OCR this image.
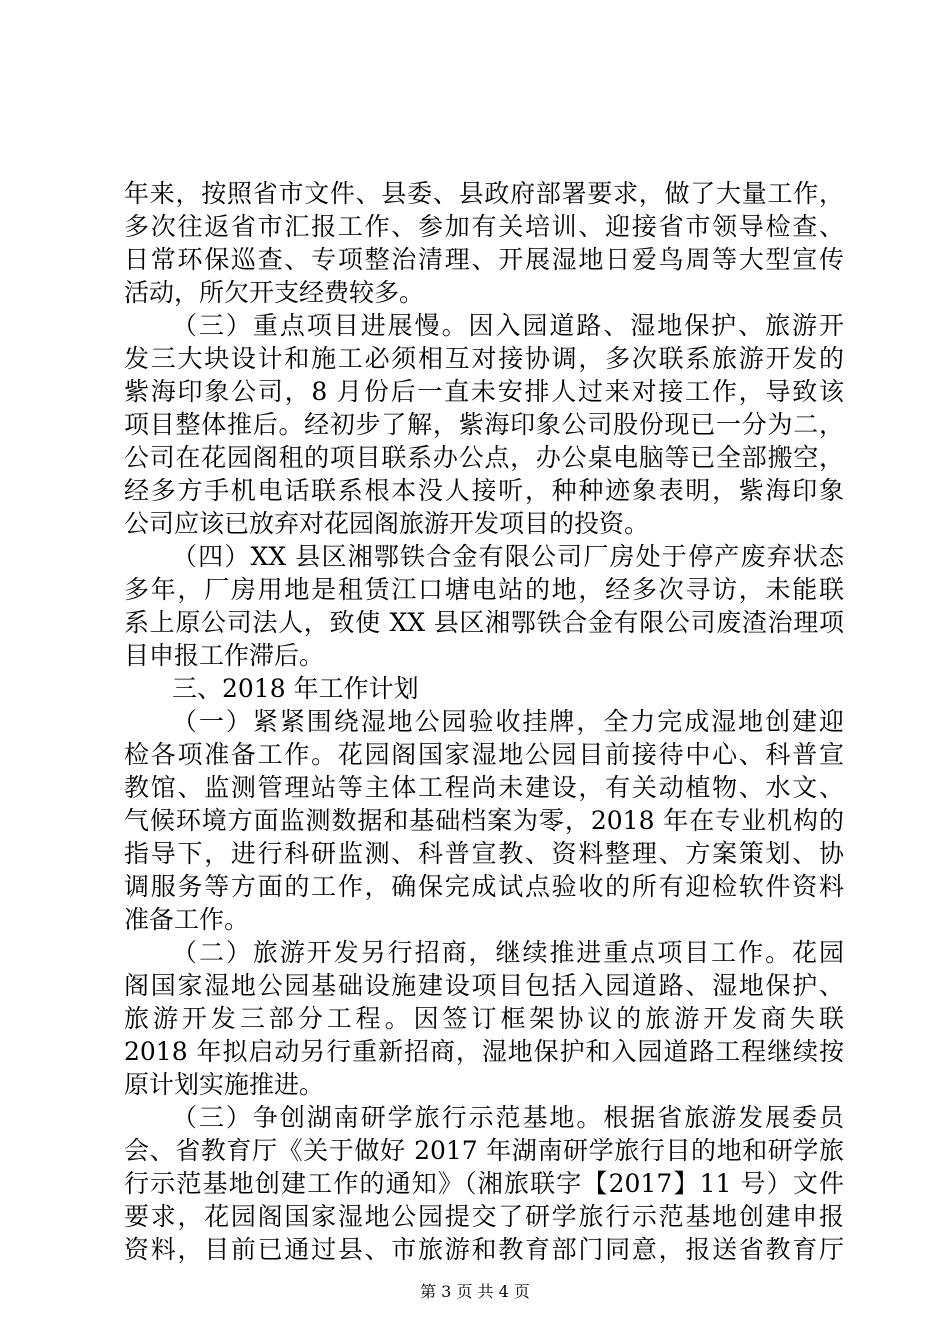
年来，按照省市文件、县委、县政府部署要求，做了大量工作，
多次往返省市汇报工作、参加有关培训、迎接省市领导检查、
日常环保巡查、专项整治清理、开展湿地日爱鸟周等大型宣传
活动，所欠开支经费较多。
（三）重点项目进展慢。因入园道路、湿地保护、旅游开
发三大块设计和施工必须相互对接协调，多次联系旅游开发的
紫海印象公司，8 月份后一直未安排人过来对接工作，导致该
项目整体推后。经初步了解，紫海印象公司股份现已一分为二，
公司在花园阁租的项目联系办公点，办公桌电脑等已全部搬空，
经多方手机电话联系根本没人接听，种种迹象表明，紫海印象
公司应该已放弃对花园阁旅游开发项目的投资。
（四）XX 县区湘鄂铁合金有限公司厂房处于停产废弃状态
多年，厂房用地是租赁江口塘电站的地，经多次寻访，未能联
系上原公司法人，致使 XX 县区湘鄂铁合金有限公司废渣治理项
目申报工作滞后。
三、2018 年工作计划
（一）紧紧围绕湿地公园验收挂牌，全力完成湿地创建迎
检各项准备工作。花园阁国家湿地公园目前接待中心、科普宣
教馆、监测管理站等主体工程尚未建设，有关动植物、水文、
气候环境方面监测数据和基础档案为零，2018 年在专业机构的
指导下，进行科研监测、科普宣教、资料整理、方案策划、协
调服务等方面的工作，确保完成试点验收的所有迎检软件资料
准备工作。
（二）旅游开发另行招商，继续推进重点项目工作。花园
阁国家湿地公园基础设施建设项目包括入园道路、湿地保护、
旅游开发三部分工程。因签订框架协议的旅游开发商失联
2018 年拟启动另行重新招商，湿地保护和入园道路工程继续按
原计划实施推进。
（三）争创湖南研学旅行示范基地。根据省旅游发展委员
会、省教育厅《关于做好 2017 年湖南研学旅行目的地和研学旅
行示范基地创建工作的通知》（湘旅联字【2017】11 号）文件
要求，花园阁国家湿地公园提交了研学旅行示范基地创建申报
资料，目前已通过县、市旅游和教育部门同意，报送省教育厅
第 3 页 共 4 页
